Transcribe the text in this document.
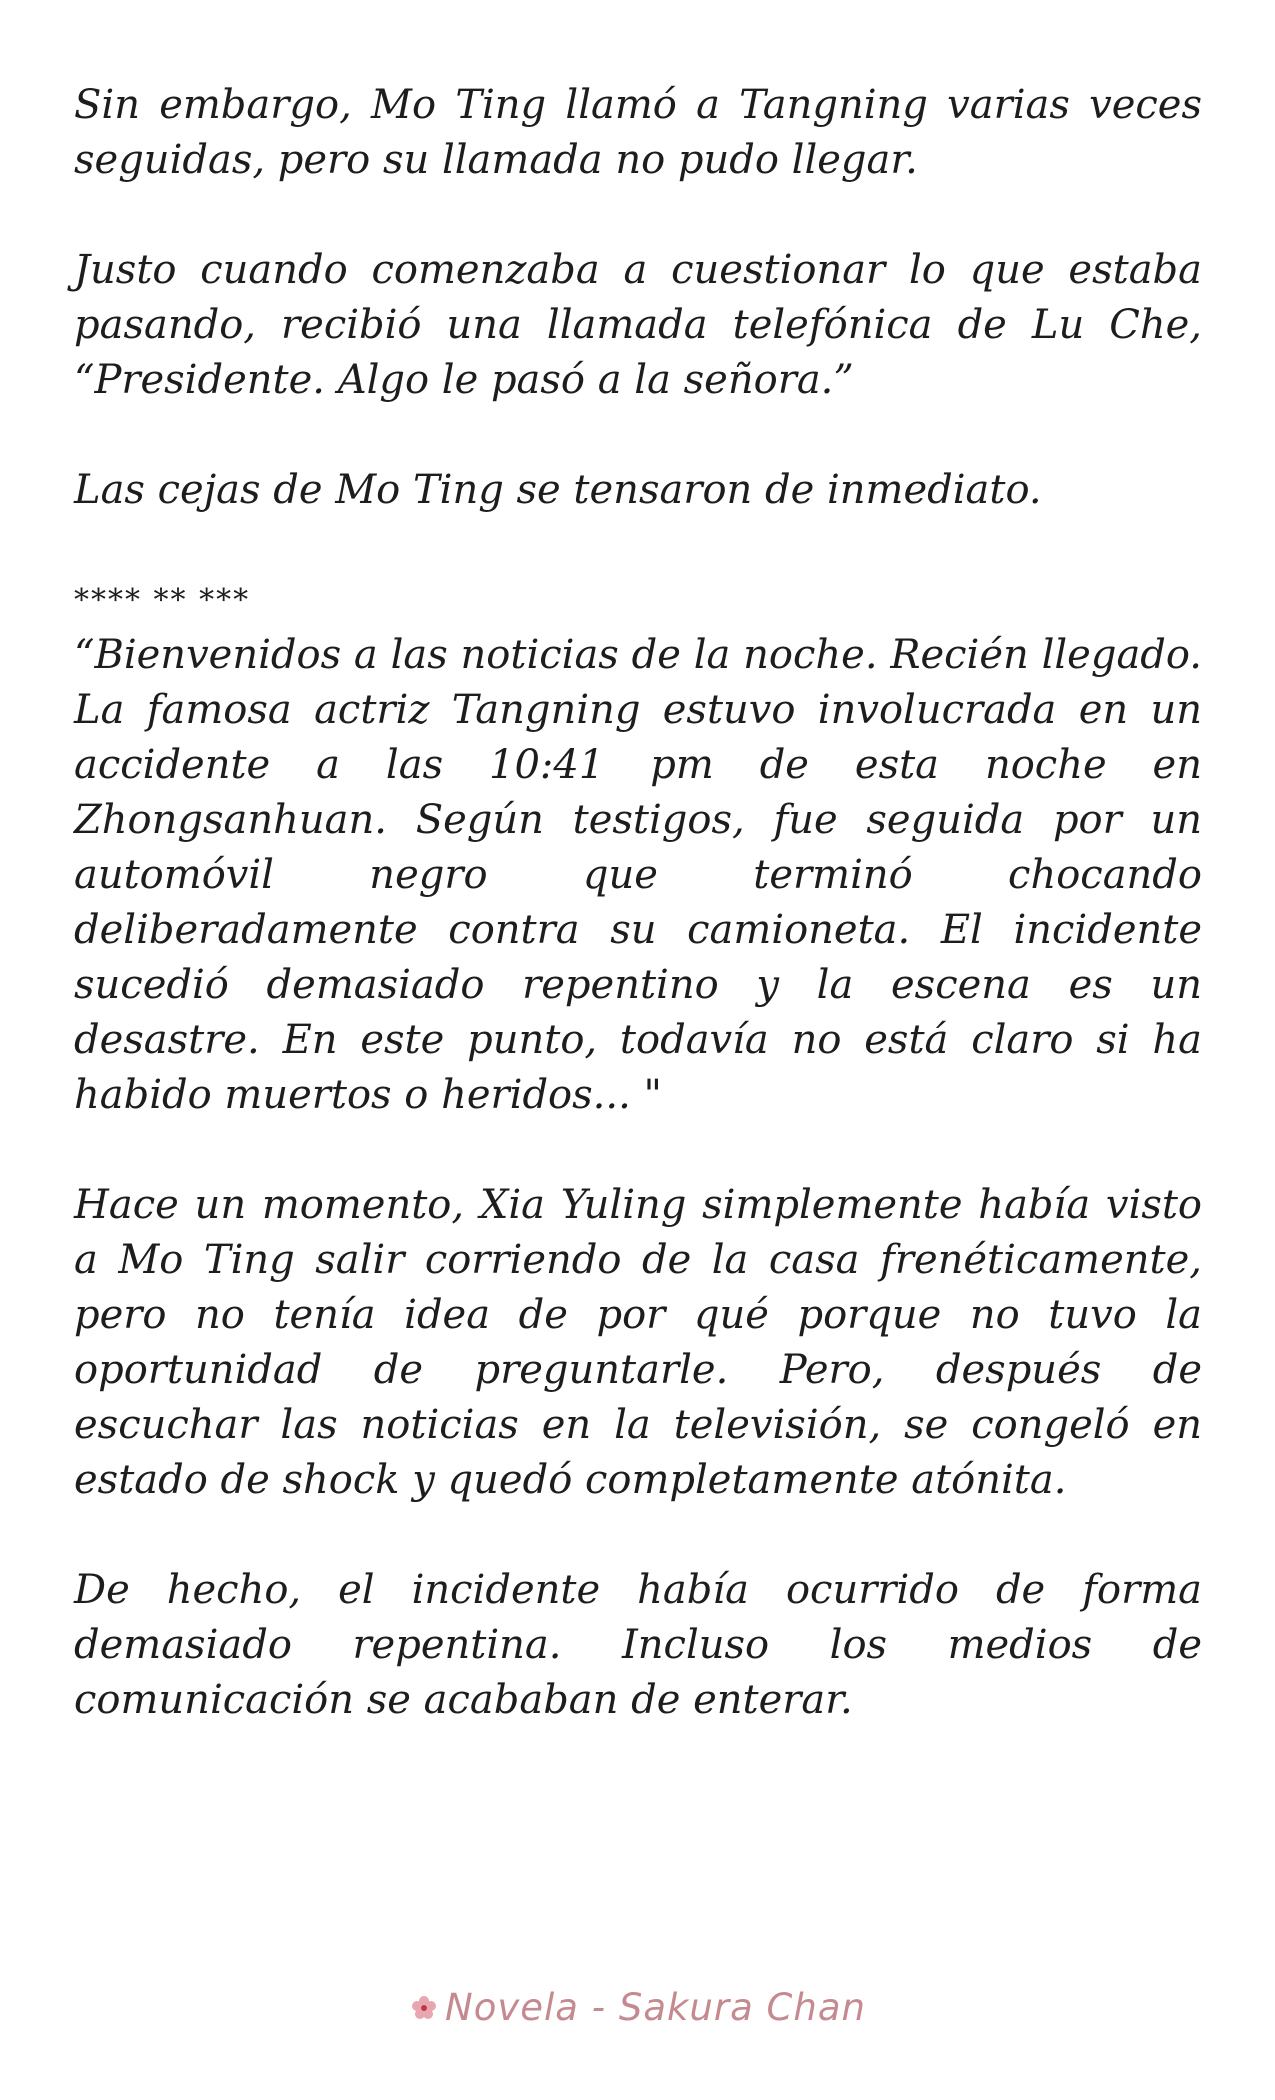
Sin embargo, Mo Ting llamó a Tangning varias veces seguidas, pero su llamada no pudo llegar.

Justo cuando comenzaba a cuestionar lo que estaba pasando, recibió una llamada telefónica de Lu Che, “Presidente. Algo le pasó a la señora.”

Las cejas de Mo Ting se tensaron de inmediato.

**** ** ***

“Bienvenidos a las noticias de la noche. Recién llegado. La famosa actriz Tangning estuvo involucrada en un accidente a las 10:41 pm de esta noche en Zhongsanhuan. Según testigos, fue seguida por un automóvil negro que terminó chocando deliberadamente contra su camioneta. El incidente sucedió demasiado repentino y la escena es un desastre. En este punto, todavía no está claro si ha habido muertos o heridos... "

Hace un momento, Xia Yuling simplemente había visto a Mo Ting salir corriendo de la casa frenéticamente, pero no tenía idea de por qué porque no tuvo la oportunidad de preguntarle. Pero, después de escuchar las noticias en la televisión, se congeló en estado de shock y quedó completamente atónita.

De hecho, el incidente había ocurrido de forma demasiado repentina. Incluso los medios de comunicación se acababan de enterar.

Novela - Sakura Chan
